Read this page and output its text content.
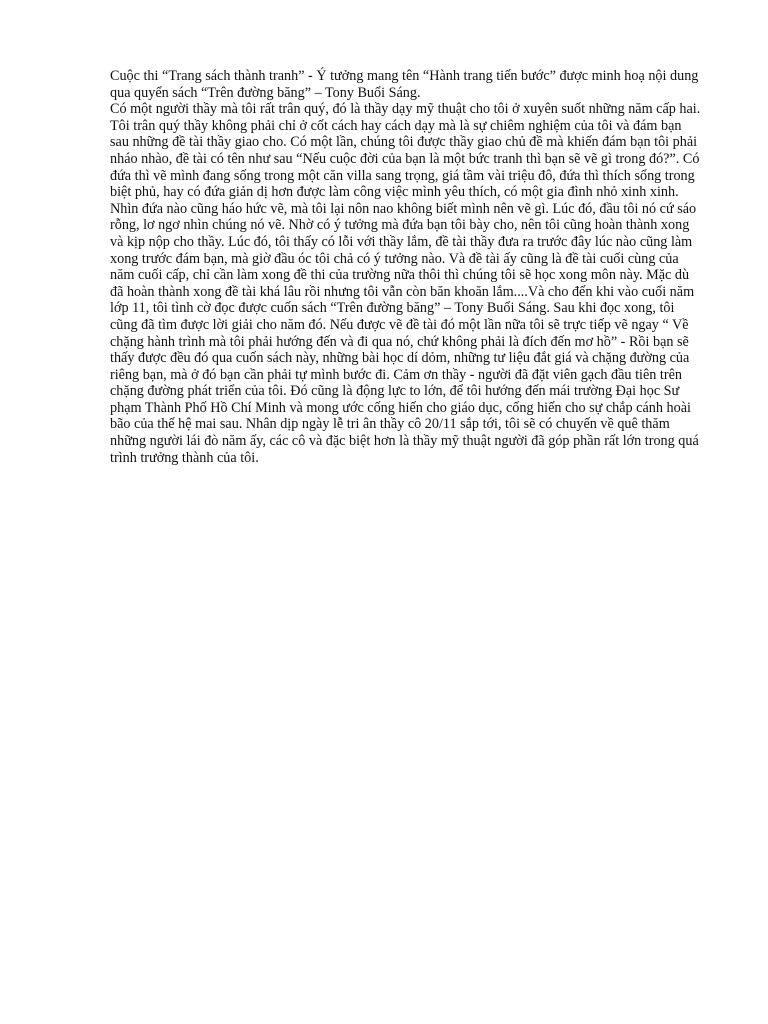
Cuộc thi “Trang sách thành tranh” - Ý tưởng mang tên “Hành trang tiến bước” được minh hoạ nội dung qua quyển sách “Trên đường băng” – Tony Buổi Sáng.

Có một người thầy mà tôi rất trân quý, đó là thầy dạy mỹ thuật cho tôi ở xuyên suốt những năm cấp hai. Tôi trân quý thầy không phải chỉ ở cốt cách hay cách dạy mà là sự chiêm nghiệm của tôi và đám bạn sau những đề tài thầy giao cho. Có một lần, chúng tôi được thầy giao chủ đề mà khiến đám bạn tôi phải nháo nhào, đề tài có tên như sau “Nếu cuộc đời của bạn là một bức tranh thì bạn sẽ vẽ gì trong đó?”. Có đứa thì vẽ mình đang sống trong một căn villa sang trọng, giá tầm vài triệu đô, đứa thì thích sống trong biệt phủ, hay có đứa giản dị hơn được làm công việc mình yêu thích, có một gia đình nhỏ xinh xinh. Nhìn đứa nào cũng háo hức vẽ, mà tôi lại nôn nao không biết mình nên vẽ gì. Lúc đó, đầu tôi nó cứ sáo rỗng, lơ ngơ nhìn chúng nó vẽ. Nhờ có ý tưởng mà đứa bạn tôi bày cho, nên tôi cũng hoàn thành xong và kịp nộp cho thầy. Lúc đó, tôi thấy có lỗi với thầy lắm, đề tài thầy đưa ra trước đây lúc nào cũng làm xong trước đám bạn, mà giờ đầu óc tôi chả có ý tưởng nào. Và đề tài ấy cũng là đề tài cuối cùng của năm cuối cấp, chỉ cần làm xong đề thi của trường nữa thôi thì chúng tôi sẽ học xong môn này. Mặc dù đã hoàn thành xong đề tài khá lâu rồi nhưng tôi vẫn còn băn khoăn lắm....Và cho đến khi vào cuối năm lớp 11, tôi tình cờ đọc được cuốn sách “Trên đường băng” – Tony Buổi Sáng. Sau khi đọc xong, tôi cũng đã tìm được lời giải cho năm đó. Nếu được vẽ đề tài đó một lần nữa tôi sẽ trực tiếp vẽ ngay “ Về chặng hành trình mà tôi phải hướng đến và đi qua nó, chứ không phải là đích đến mơ hồ” - Rồi bạn sẽ thấy được đều đó qua cuốn sách này, những bài học dí dỏm, những tư liệu đắt giá và chặng đường của riêng bạn, mà ở đó bạn cần phải tự mình bước đi. Cảm ơn thầy - người đã đặt viên gạch đầu tiên trên chặng đường phát triển của tôi. Đó cũng là động lực to lớn, để tôi hướng đến mái trường Đại học Sư phạm Thành Phố Hồ Chí Minh và mong ước cống hiến cho giáo dục, cống hiến cho sự chắp cánh hoài bão của thế hệ mai sau. Nhân dịp ngày lễ tri ân thầy cô 20/11 sắp tới, tôi sẽ có chuyến về quê thăm những người lái đò năm ấy, các cô và đặc biệt hơn là thầy mỹ thuật người đã góp phần rất lớn trong quá trình trưởng thành của tôi.
